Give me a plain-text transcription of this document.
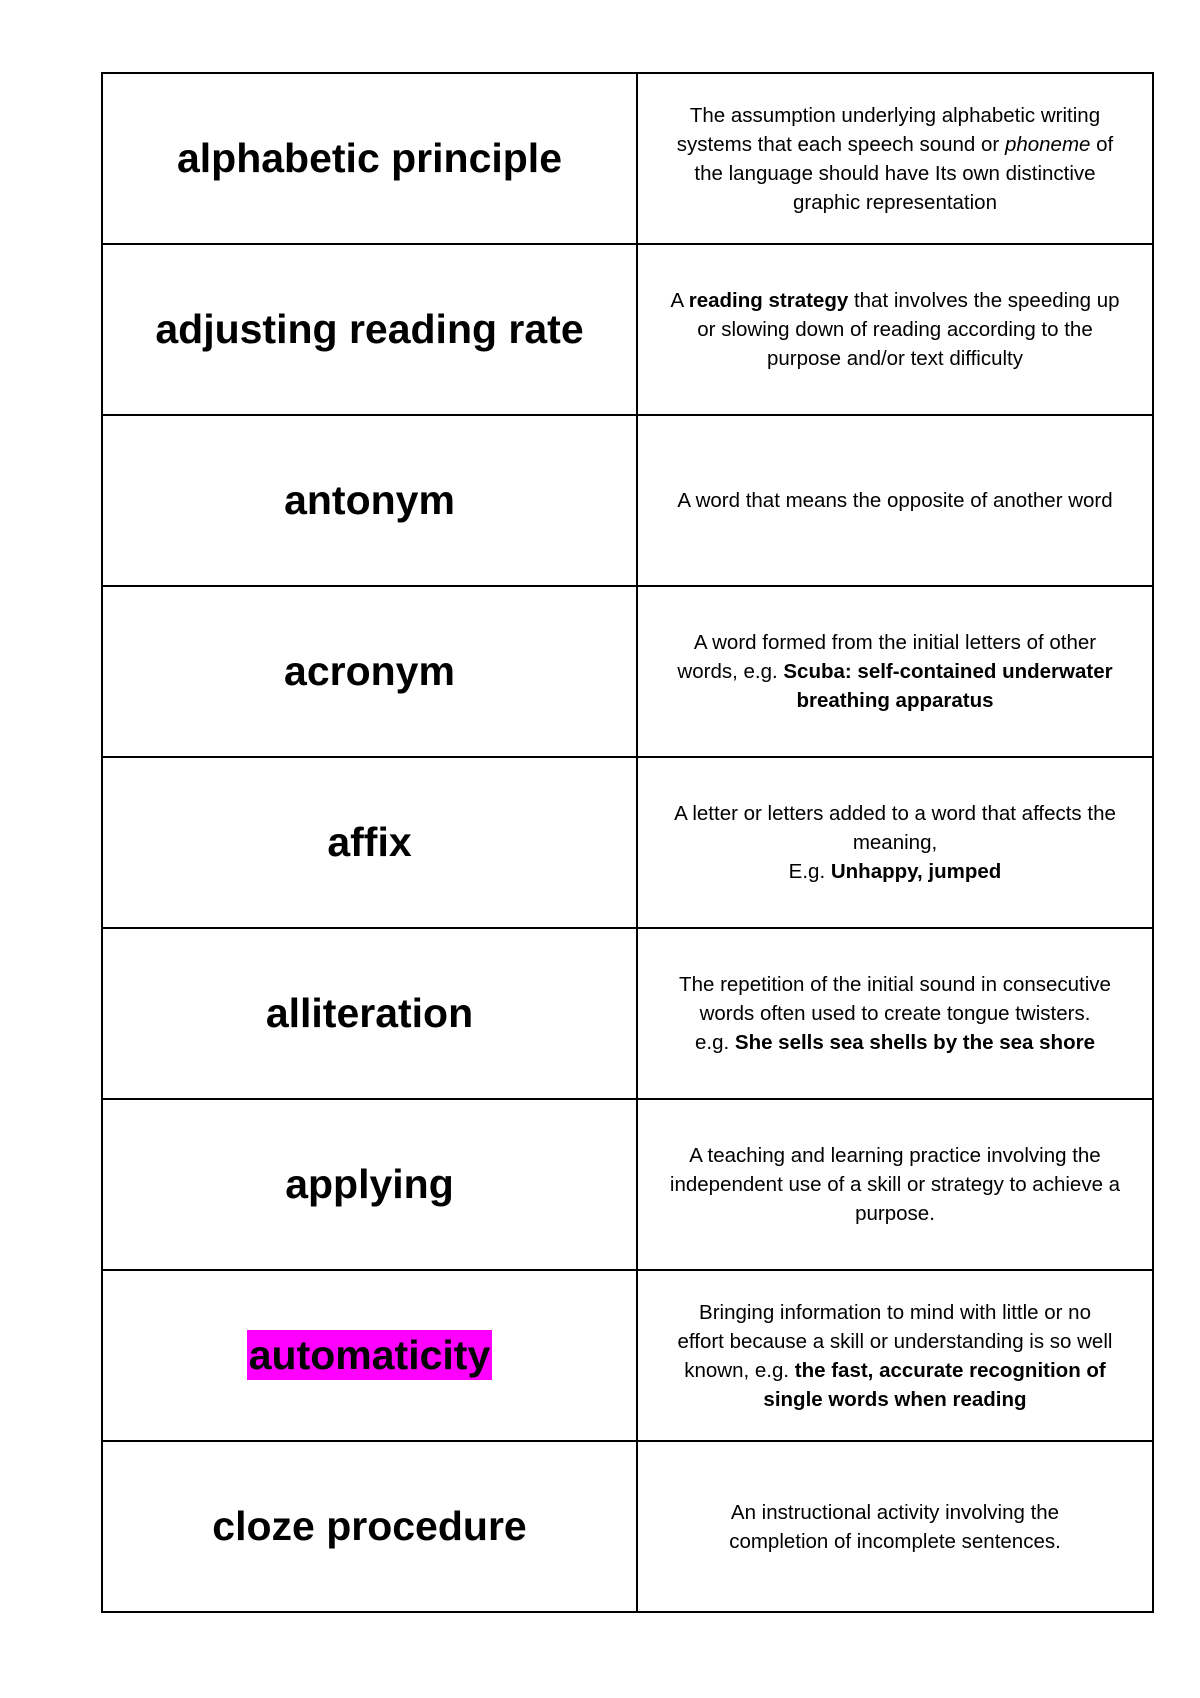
alphabetic principle	The assumption underlying alphabetic writing
systems that each speech sound or phoneme of
the language should have Its own distinctive
graphic representation

adjusting reading rate	A reading strategy that involves the speeding up
or slowing down of reading according to the
purpose and/or text difficulty

antonym	A word that means the opposite of another word

acronym	A word formed from the initial letters of other
words, e.g. Scuba: self-contained underwater
breathing apparatus

affix	A letter or letters added to a word that affects the
meaning,
E.g. Unhappy, jumped

alliteration	The repetition of the initial sound in consecutive
words often used to create tongue twisters.
e.g. She sells sea shells by the sea shore

applying	A teaching and learning practice involving the
independent use of a skill or strategy to achieve a
purpose.

automaticity	Bringing information to mind with little or no
effort because a skill or understanding is so well
known, e.g. the fast, accurate recognition of
single words when reading

cloze procedure	An instructional activity involving the
completion of incomplete sentences.
